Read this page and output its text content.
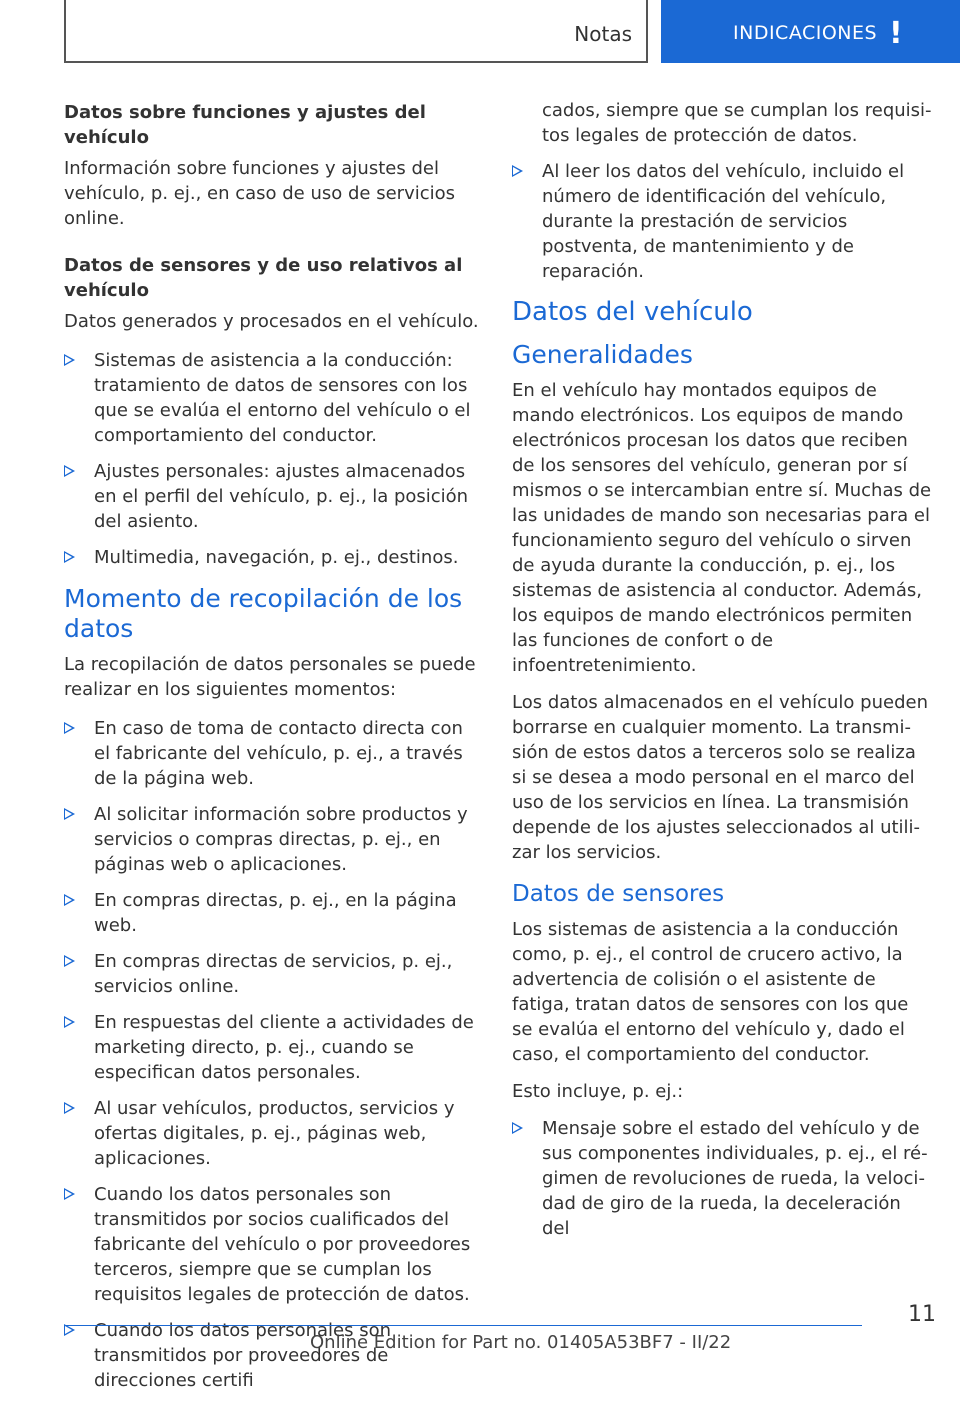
Notas	INDICACIONES !
Datos sobre funciones y ajustes del vehículo
Información sobre funciones y ajustes del vehículo, p. ej., en caso de uso de servicios online.
Datos de sensores y de uso relativos al vehículo
Datos generados y procesados en el vehículo.
Sistemas de asistencia a la conducción: tratamiento de datos de sensores con los que se evalúa el entorno del vehículo o el comportamiento del conductor.
Ajustes personales: ajustes almacenados en el perfil del vehículo, p. ej., la posición del asiento.
Multimedia, navegación, p. ej., destinos.
Momento de recopilación de los datos
La recopilación de datos personales se puede realizar en los siguientes momentos:
En caso de toma de contacto directa con el fabricante del vehículo, p. ej., a través de la página web.
Al solicitar información sobre productos y servicios o compras directas, p. ej., en páginas web o aplicaciones.
En compras directas, p. ej., en la página web.
En compras directas de servicios, p. ej., servicios online.
En respuestas del cliente a actividades de marketing directo, p. ej., cuando se especifican datos personales.
Al usar vehículos, productos, servicios y ofertas digitales, p. ej., páginas web, aplicaciones.
Cuando los datos personales son transmitidos por socios cualificados del fabricante del vehículo o por proveedores terceros, siempre que se cumplan los requisitos legales de protección de datos.
Cuando los datos personales son transmitidos por proveedores de direcciones certifi
cados, siempre que se cumplan los requisitos legales de protección de datos.
Al leer los datos del vehículo, incluido el número de identificación del vehículo, durante la prestación de servicios postventa, de mantenimiento y de reparación.
Datos del vehículo
Generalidades
En el vehículo hay montados equipos de mando electrónicos. Los equipos de mando electrónicos procesan los datos que reciben de los sensores del vehículo, generan por sí mismos o se intercambian entre sí. Muchas de las unidades de mando son necesarias para el funcionamiento seguro del vehículo o sirven de ayuda durante la conducción, p. ej., los sistemas de asistencia al conductor. Además, los equipos de mando electrónicos permiten las funciones de confort o de infoentretenimiento.
Los datos almacenados en el vehículo pueden borrarse en cualquier momento. La transmisión de estos datos a terceros solo se realiza si se desea a modo personal en el marco del uso de los servicios en línea. La transmisión depende de los ajustes seleccionados al utilizar los servicios.
Datos de sensores
Los sistemas de asistencia a la conducción como, p. ej., el control de crucero activo, la advertencia de colisión o el asistente de fatiga, tratan datos de sensores con los que se evalúa el entorno del vehículo y, dado el caso, el comportamiento del conductor.
Esto incluye, p. ej.:
Mensaje sobre el estado del vehículo y de sus componentes individuales, p. ej., el régimen de revoluciones de rueda, la velocidad de giro de la rueda, la deceleración del
11
Online Edition for Part no. 01405A53BF7 - II/22
